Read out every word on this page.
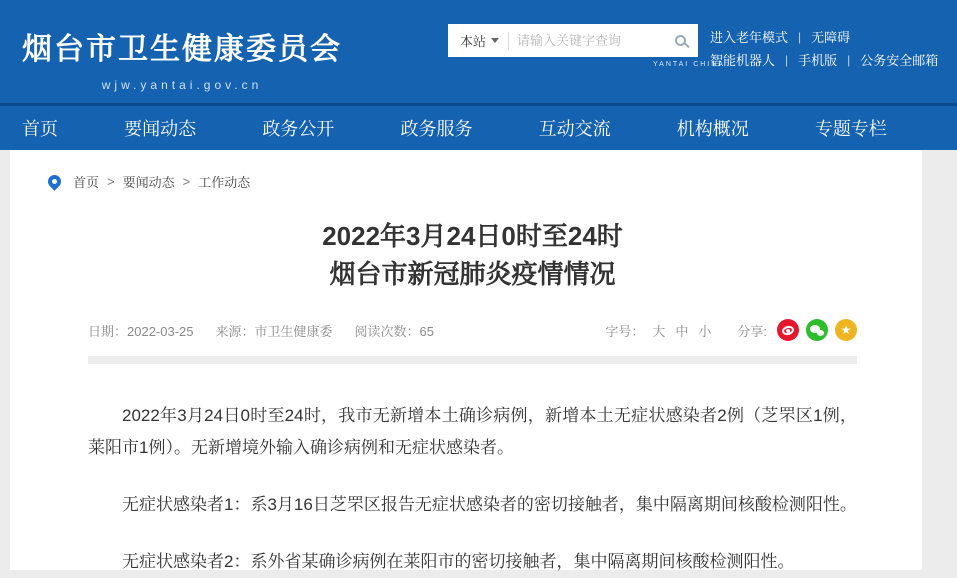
烟台市卫生健康委员会
wjw.yantai.gov.cn
本站
请输入关键字查询
YANTAI CHINA
进入老年模式 | 无障碍
智能机器人 | 手机版 | 公务安全邮箱
首页	要闻动态	政务公开	政务服务	互动交流	机构概况	专题专栏
首页 > 要闻动态 > 工作动态
2022年3月24日0时至24时
烟台市新冠肺炎疫情情况
日期：2022-03-25 来源：市卫生健康委 阅读次数：65	字号： 大 中 小 分享:	★

2022年3月24日0时至24时，我市无新增本土确诊病例，新增本土无症状感染者2例（芝罘区1例，莱阳市1例）。无新增境外输入确诊病例和无症状感染者。

无症状感染者1：系3月16日芝罘区报告无症状感染者的密切接触者，集中隔离期间核酸检测阳性。

无症状感染者2：系外省某确诊病例在莱阳市的密切接触者，集中隔离期间核酸检测阳性。
